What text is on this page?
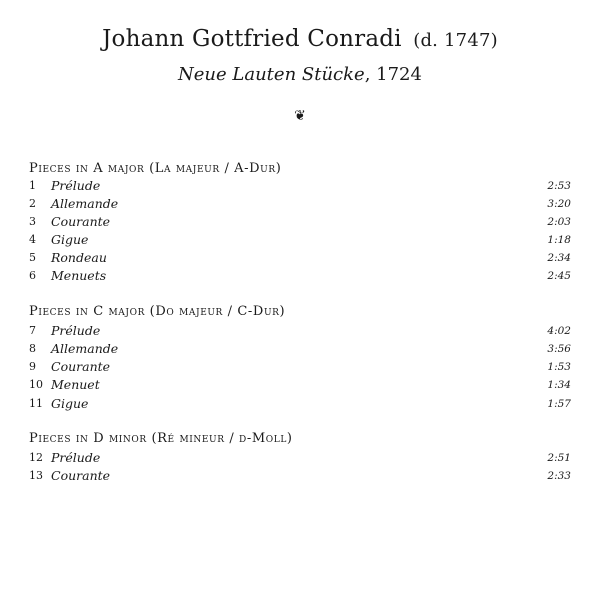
Johann Gottfried Conradi (d. 1747)
Neue Lauten Stücke, 1724
❦
Pieces in A major (La majeur / A-Dur)
1	Prélude	2:53
2	Allemande	3:20
3	Courante	2:03
4	Gigue	1:18
5	Rondeau	2:34
6	Menuets	2:45
Pieces in C major (Do majeur / C-Dur)
7	Prélude	4:02
8	Allemande	3:56
9	Courante	1:53
10 Menuet	1:34
11 Gigue	1:57
Pieces in D minor (Ré mineur / d-Moll)
12 Prélude	2:51
13 Courante	2:33
